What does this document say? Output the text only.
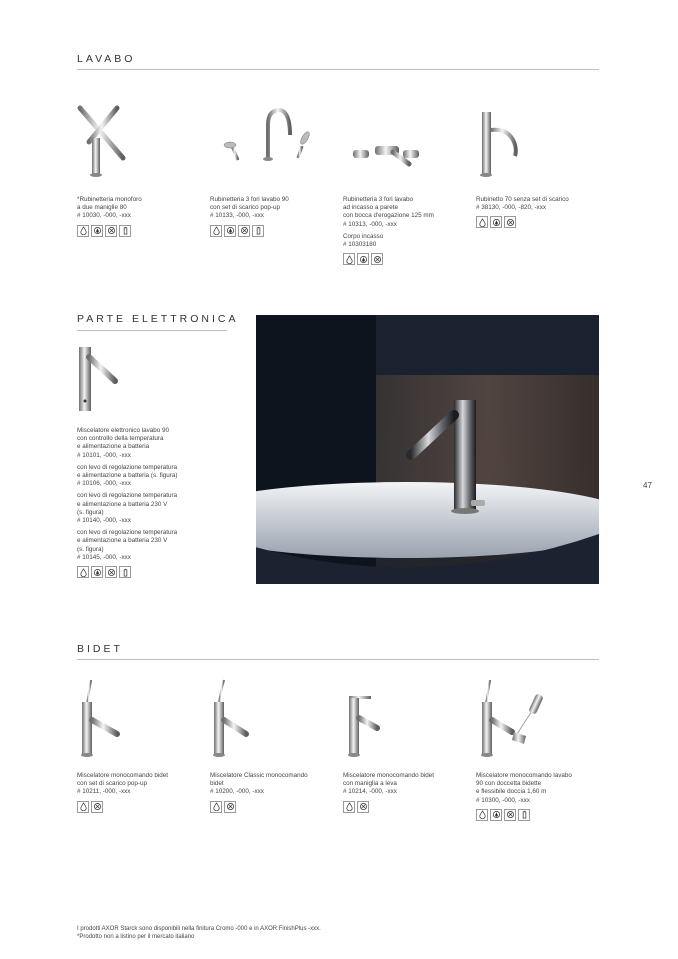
LAVABO

*Rubinetteria monoforo
a due maniglie 80
# 10030, -000, -xxx

Rubinetteria 3 fori lavabo 90
con set di scarico pop-up
# 10133, -000, -xxx

Rubinetteria 3 fori lavabo
ad incasso a parete
con bocca d'erogazione 125 mm
# 10313, -000, -xxx

Corpo incasso
# 10303180

Rubinetto 70 senza set di scarico
# 38130, -000, -820, -xxx

PARTE ELETTRONICA

Miscelatore elettronico lavabo 90
con controllo della temperatura
e alimentazione a batteria
# 10101, -000, -xxx

con levo di regolazione temperatura
e alimentazione a batteria (s. figura)
# 10106, -000, -xxx

con levo di regolazione temperatura
e alimentazione a batteria 230 V
(s. figura)
# 10140, -000, -xxx

con levo di regolazione temperatura
e alimentazione a batteria 230 V
(s. figura)
# 10145, -000, -xxx

47
BIDET

Miscelatore monocomando bidet
con set di scarico pop-up
# 10211, -000, -xxx

Miscelatore Classic monocomando
bidet
# 10200, -000, -xxx

Miscelatore monocomando bidet
con maniglia a leva
# 10214, -000, -xxx

Miscelatore monocomando lavabo
90 con doccetta bidette
e flessibile doccia 1,60 m
# 10300, -000, -xxx

I prodotti AXOR Starck sono disponibili nella finitura Cromo -000 e in AXOR FinishPlus -xxx.
*Prodotto non a listino per il mercato italiano
